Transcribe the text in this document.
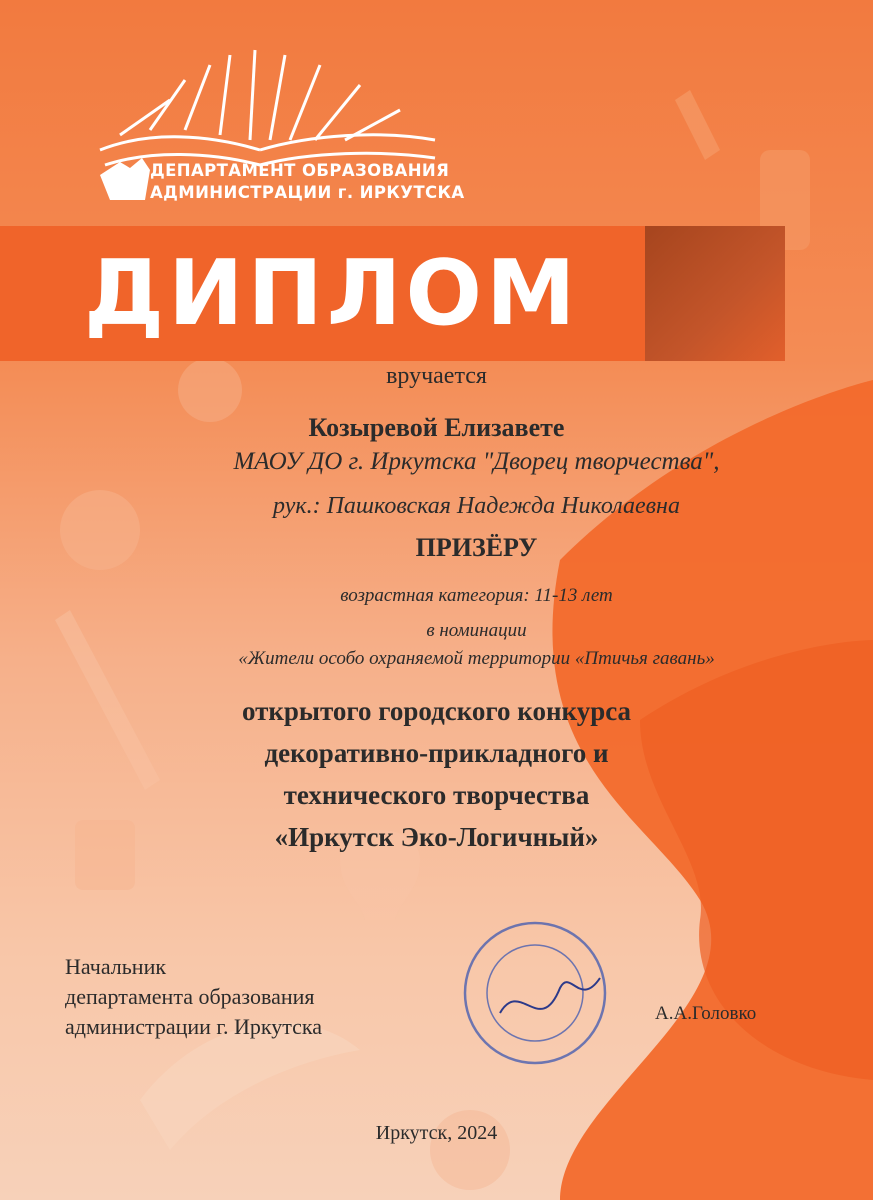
ДЕПАРТАМЕНТ ОБРАЗОВАНИЯ
АДМИНИСТРАЦИИ г. ИРКУТСКА
ДИПЛОМ
вручается
Козыревой Елизавете
МАОУ ДО г. Иркутска "Дворец творчества",
рук.: Пашковская Надежда Николаевна
ПРИЗЁРУ
возрастная категория: 11-13 лет
в номинации
«Жители особо охраняемой территории «Птичья гавань»
открытого городского конкурса
декоративно-прикладного и
технического творчества
«Иркутск Эко-Логичный»
Начальник
департамента образования
администрации г. Иркутска
А.А.Головко
Иркутск, 2024
